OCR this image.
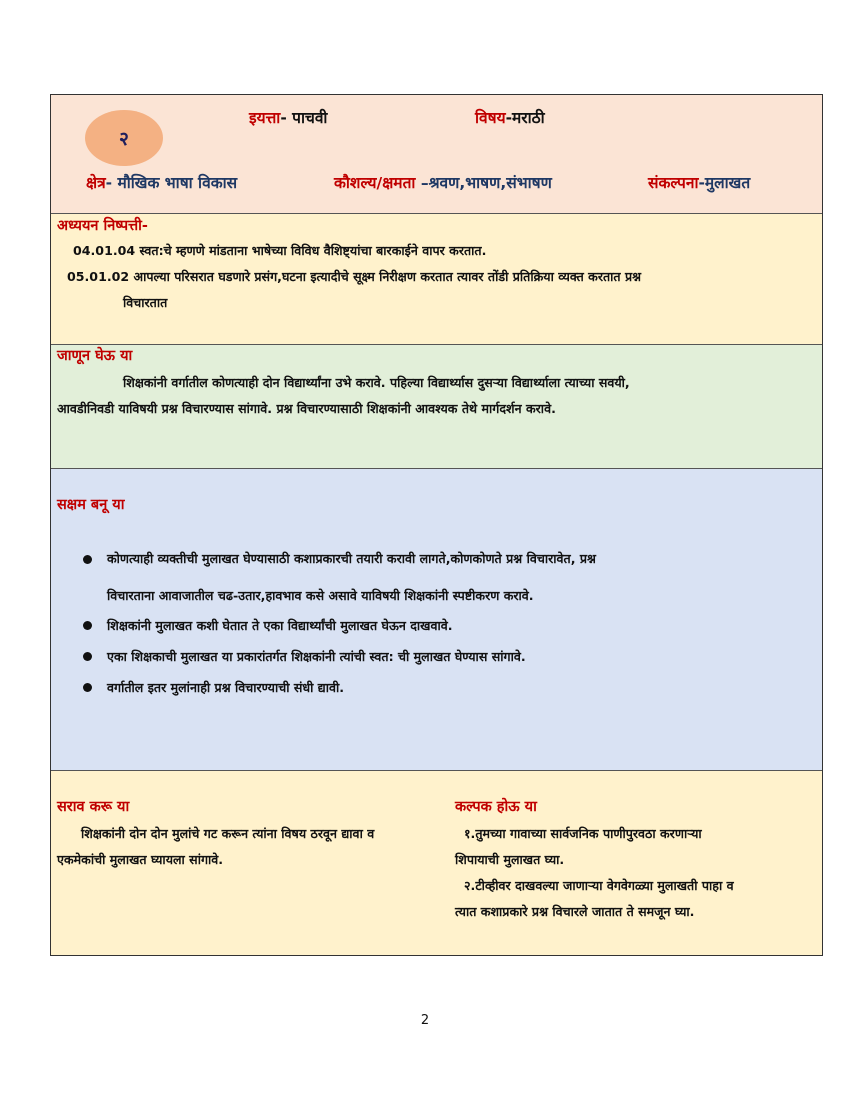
२
इयत्ता- पाचवी	विषय-मराठी
क्षेत्र- मौखिक भाषा विकास	कौशल्य/क्षमता –श्रवण,भाषण,संभाषण	संकल्पना-मुलाखत
अध्ययन निष्पत्ती-
04.01.04 स्वत:चे म्हणणे मांडताना भाषेच्या विविध वैशिष्ट्यांचा बारकाईने वापर करतात.
05.01.02 आपल्या परिसरात घडणारे प्रसंग,घटना इत्यादीचे सूक्ष्म निरीक्षण करतात त्यावर तोंडी प्रतिक्रिया व्यक्त करतात प्रश्न
विचारतात
जाणून घेऊ या
शिक्षकांनी वर्गातील कोणत्याही दोन विद्यार्थ्यांना उभे करावे. पहिल्या विद्यार्थ्यास दुसऱ्या विद्यार्थ्याला त्याच्या सवयी,
आवडीनिवडी याविषयी प्रश्न विचारण्यास सांगावे. प्रश्न विचारण्यासाठी शिक्षकांनी आवश्यक तेथे मार्गदर्शन करावे.
सक्षम बनू या
कोणत्याही व्यक्तीची मुलाखत घेण्यासाठी कशाप्रकारची तयारी करावी लागते,कोणकोणते प्रश्न विचारावेत, प्रश्न
विचारताना आवाजातील चढ-उतार,हावभाव कसे असावे याविषयी शिक्षकांनी स्पष्टीकरण करावे.
शिक्षकांनी मुलाखत कशी घेतात ते एका विद्यार्थ्यांची मुलाखत घेऊन दाखवावे.
एका शिक्षकाची मुलाखत या प्रकारांतर्गत शिक्षकांनी त्यांची स्वत: ची मुलाखत घेण्यास सांगावे.
वर्गातील इतर मुलांनाही प्रश्न विचारण्याची संधी द्यावी.
सराव करू या
शिक्षकांनी दोन दोन मुलांचे गट करून त्यांना विषय ठरवून द्यावा व
एकमेकांची मुलाखत घ्यायला सांगावे.
कल्पक होऊ या
१.तुमच्या गावाच्या सार्वजनिक पाणीपुरवठा करणाऱ्या
शिपायाची मुलाखत घ्या.
२.टीव्हीवर दाखवल्या जाणाऱ्या वेगवेगळ्या मुलाखती पाहा व
त्यात कशाप्रकारे प्रश्न विचारले जातात ते समजून घ्या.
2
